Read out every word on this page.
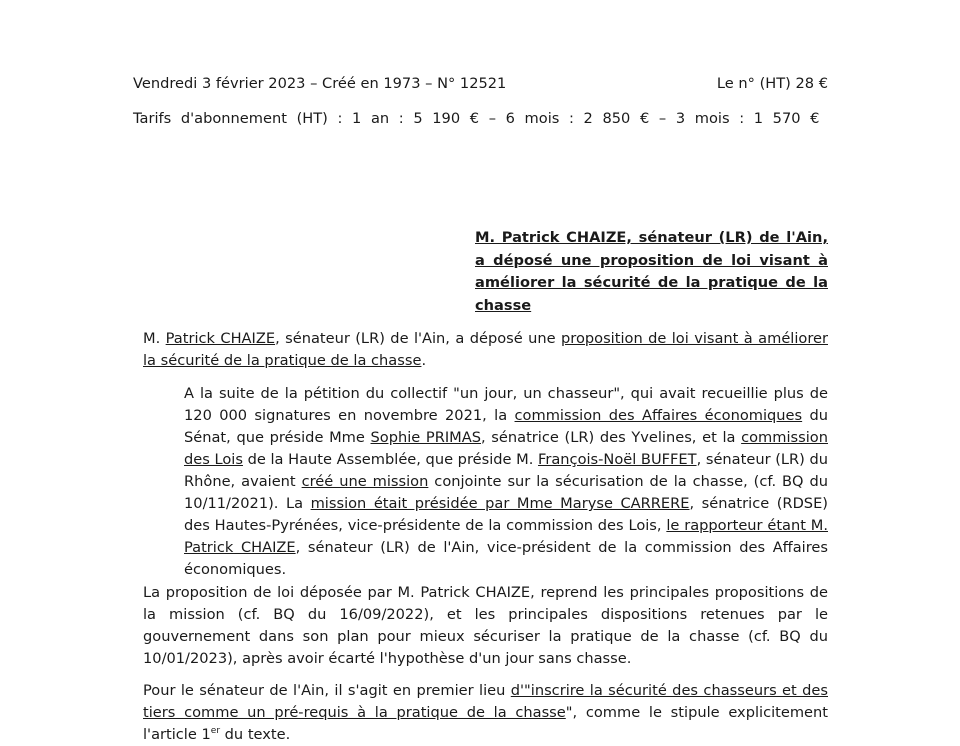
Vendredi 3 février 2023 – Créé en 1973 – N° 12521	Le n° (HT) 28 €
Tarifs d'abonnement (HT) : 1 an : 5 190 € – 6 mois : 2 850 € – 3 mois : 1 570 €
M. Patrick CHAIZE, sénateur (LR) de l'Ain, a déposé une proposition de loi visant à améliorer la sécurité de la pratique de la chasse
M. Patrick CHAIZE, sénateur (LR) de l'Ain, a déposé une proposition de loi visant à améliorer la sécurité de la pratique de la chasse.
A la suite de la pétition du collectif "un jour, un chasseur", qui avait recueillie plus de 120 000 signatures en novembre 2021, la commission des Affaires économiques du Sénat, que préside Mme Sophie PRIMAS, sénatrice (LR) des Yvelines, et la commission des Lois de la Haute Assemblée, que préside M. François-Noël BUFFET, sénateur (LR) du Rhône, avaient créé une mission conjointe sur la sécurisation de la chasse, (cf. BQ du 10/11/2021). La mission était présidée par Mme Maryse CARRERE, sénatrice (RDSE) des Hautes-Pyrénées, vice-présidente de la commission des Lois, le rapporteur étant M. Patrick CHAIZE, sénateur (LR) de l'Ain, vice-président de la commission des Affaires économiques.
La proposition de loi déposée par M. Patrick CHAIZE, reprend les principales propositions de la mission (cf. BQ du 16/09/2022), et les principales dispositions retenues par le gouvernement dans son plan pour mieux sécuriser la pratique de la chasse (cf. BQ du 10/01/2023), après avoir écarté l'hypothèse d'un jour sans chasse.
Pour le sénateur de l'Ain, il s'agit en premier lieu d'"inscrire la sécurité des chasseurs et des tiers comme un pré-requis à la pratique de la chasse", comme le stipule explicitement l'article 1er du texte.
